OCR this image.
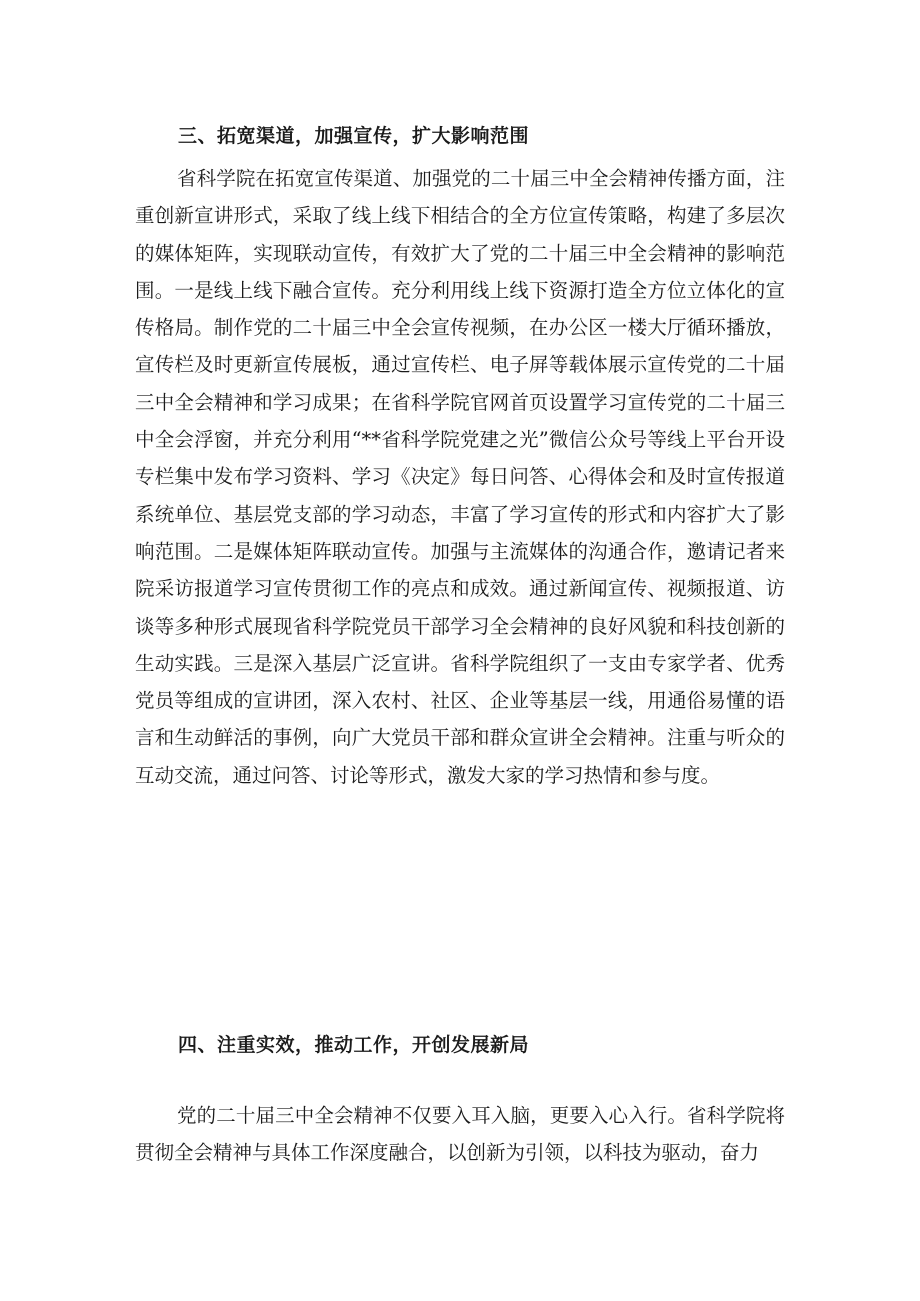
三、拓宽渠道，加强宣传，扩大影响范围

省科学院在拓宽宣传渠道、加强党的二十届三中全会精神传播方面，注重创新宣讲形式，采取了线上线下相结合的全方位宣传策略，构建了多层次的媒体矩阵，实现联动宣传，有效扩大了党的二十届三中全会精神的影响范围。一是线上线下融合宣传。充分利用线上线下资源打造全方位立体化的宣传格局。制作党的二十届三中全会宣传视频，在办公区一楼大厅循环播放，宣传栏及时更新宣传展板，通过宣传栏、电子屏等载体展示宣传党的二十届三中全会精神和学习成果；在省科学院官网首页设置学习宣传党的二十届三中全会浮窗，并充分利用“**省科学院党建之光”微信公众号等线上平台开设专栏集中发布学习资料、学习《决定》每日问答、心得体会和及时宣传报道系统单位、基层党支部的学习动态，丰富了学习宣传的形式和内容扩大了影响范围。二是媒体矩阵联动宣传。加强与主流媒体的沟通合作，邀请记者来院采访报道学习宣传贯彻工作的亮点和成效。通过新闻宣传、视频报道、访谈等多种形式展现省科学院党员干部学习全会精神的良好风貌和科技创新的生动实践。三是深入基层广泛宣讲。省科学院组织了一支由专家学者、优秀党员等组成的宣讲团，深入农村、社区、企业等基层一线，用通俗易懂的语言和生动鲜活的事例，向广大党员干部和群众宣讲全会精神。注重与听众的互动交流，通过问答、讨论等形式，激发大家的学习热情和参与度。

四、注重实效，推动工作，开创发展新局

党的二十届三中全会精神不仅要入耳入脑，更要入心入行。省科学院将贯彻全会精神与具体工作深度融合，以创新为引领，以科技为驱动，奋力
